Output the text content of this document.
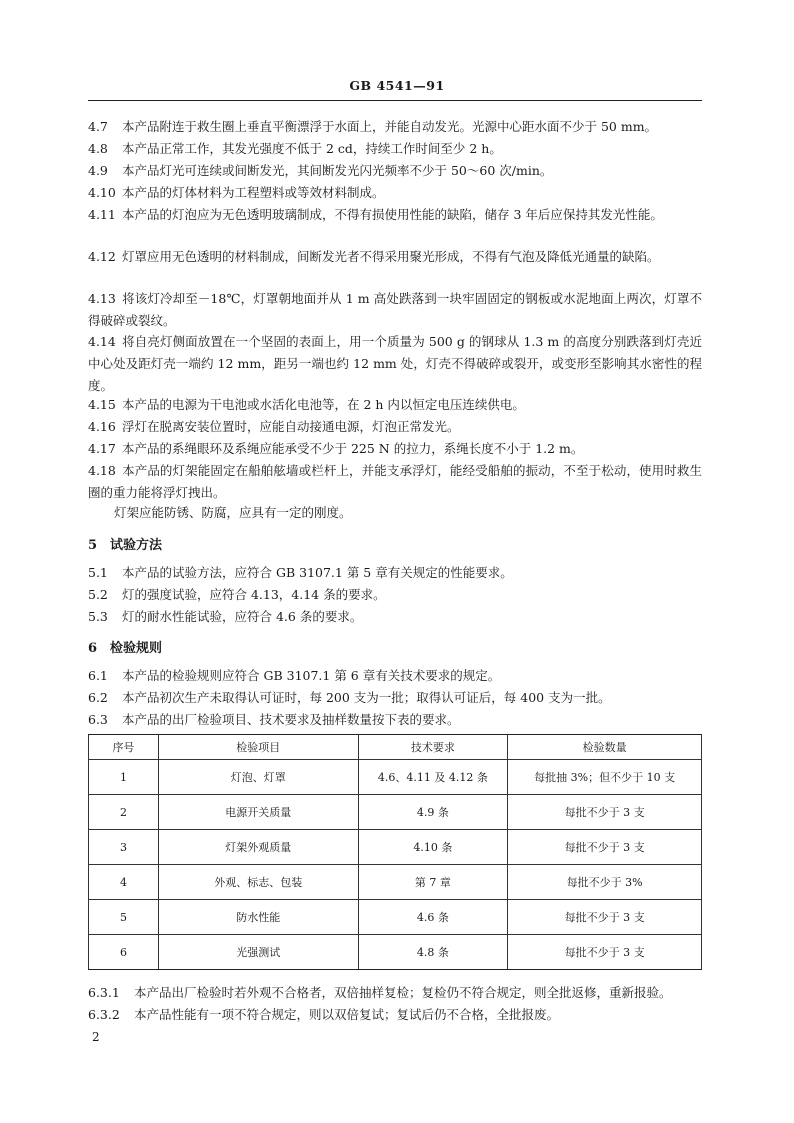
GB 4541—91

4.7 本产品附连于救生圈上垂直平衡漂浮于水面上，并能自动发光。光源中心距水面不少于 50 mm。

4.8 本产品正常工作，其发光强度不低于 2 cd，持续工作时间至少 2 h。

4.9 本产品灯光可连续或间断发光，其间断发光闪光频率不少于 50～60 次/min。

4.10 本产品的灯体材料为工程塑料或等效材料制成。

4.11 本产品的灯泡应为无色透明玻璃制成，不得有损使用性能的缺陷，储存 3 年后应保持其发光性能。

4.12 灯罩应用无色透明的材料制成，间断发光者不得采用聚光形成，不得有气泡及降低光通量的缺陷。

4.13 将该灯冷却至－18℃，灯罩朝地面并从 1 m 高处跌落到一块牢固固定的钢板或水泥地面上两次，灯罩不得破碎或裂纹。

4.14 将自亮灯侧面放置在一个坚固的表面上，用一个质量为 500 g 的钢球从 1.3 m 的高度分别跌落到灯壳近中心处及距灯壳一端约 12 mm，距另一端也约 12 mm 处，灯壳不得破碎或裂开，或变形至影响其水密性的程度。

4.15 本产品的电源为干电池或水活化电池等，在 2 h 内以恒定电压连续供电。

4.16 浮灯在脱离安装位置时，应能自动接通电源，灯泡正常发光。

4.17 本产品的系绳眼环及系绳应能承受不少于 225 N 的拉力，系绳长度不小于 1.2 m。

4.18 本产品的灯架能固定在船舶舷墙或栏杆上，并能支承浮灯，能经受船舶的振动，不至于松动，使用时救生圈的重力能将浮灯拽出。

灯架应能防锈、防腐，应具有一定的刚度。

5 试验方法

5.1 本产品的试验方法，应符合 GB 3107.1 第 5 章有关规定的性能要求。

5.2 灯的强度试验，应符合 4.13，4.14 条的要求。

5.3 灯的耐水性能试验，应符合 4.6 条的要求。

6 检验规则

6.1 本产品的检验规则应符合 GB 3107.1 第 6 章有关技术要求的规定。

6.2 本产品初次生产未取得认可证时，每 200 支为一批；取得认可证后，每 400 支为一批。

6.3 本产品的出厂检验项目、技术要求及抽样数量按下表的要求。

序号	检验项目	技术要求	检验数量
1	灯泡、灯罩	4.6、4.11 及 4.12 条	每批抽 3%；但不少于 10 支
2	电源开关质量	4.9 条	每批不少于 3 支
3	灯架外观质量	4.10 条	每批不少于 3 支
4	外观、标志、包装	第 7 章	每批不少于 3%
5	防水性能	4.6 条	每批不少于 3 支
6	光强测试	4.8 条	每批不少于 3 支

6.3.1 本产品出厂检验时若外观不合格者，双倍抽样复检；复检仍不符合规定，则全批返修，重新报验。

6.3.2 本产品性能有一项不符合规定，则以双倍复试；复试后仍不合格，全批报废。

2
